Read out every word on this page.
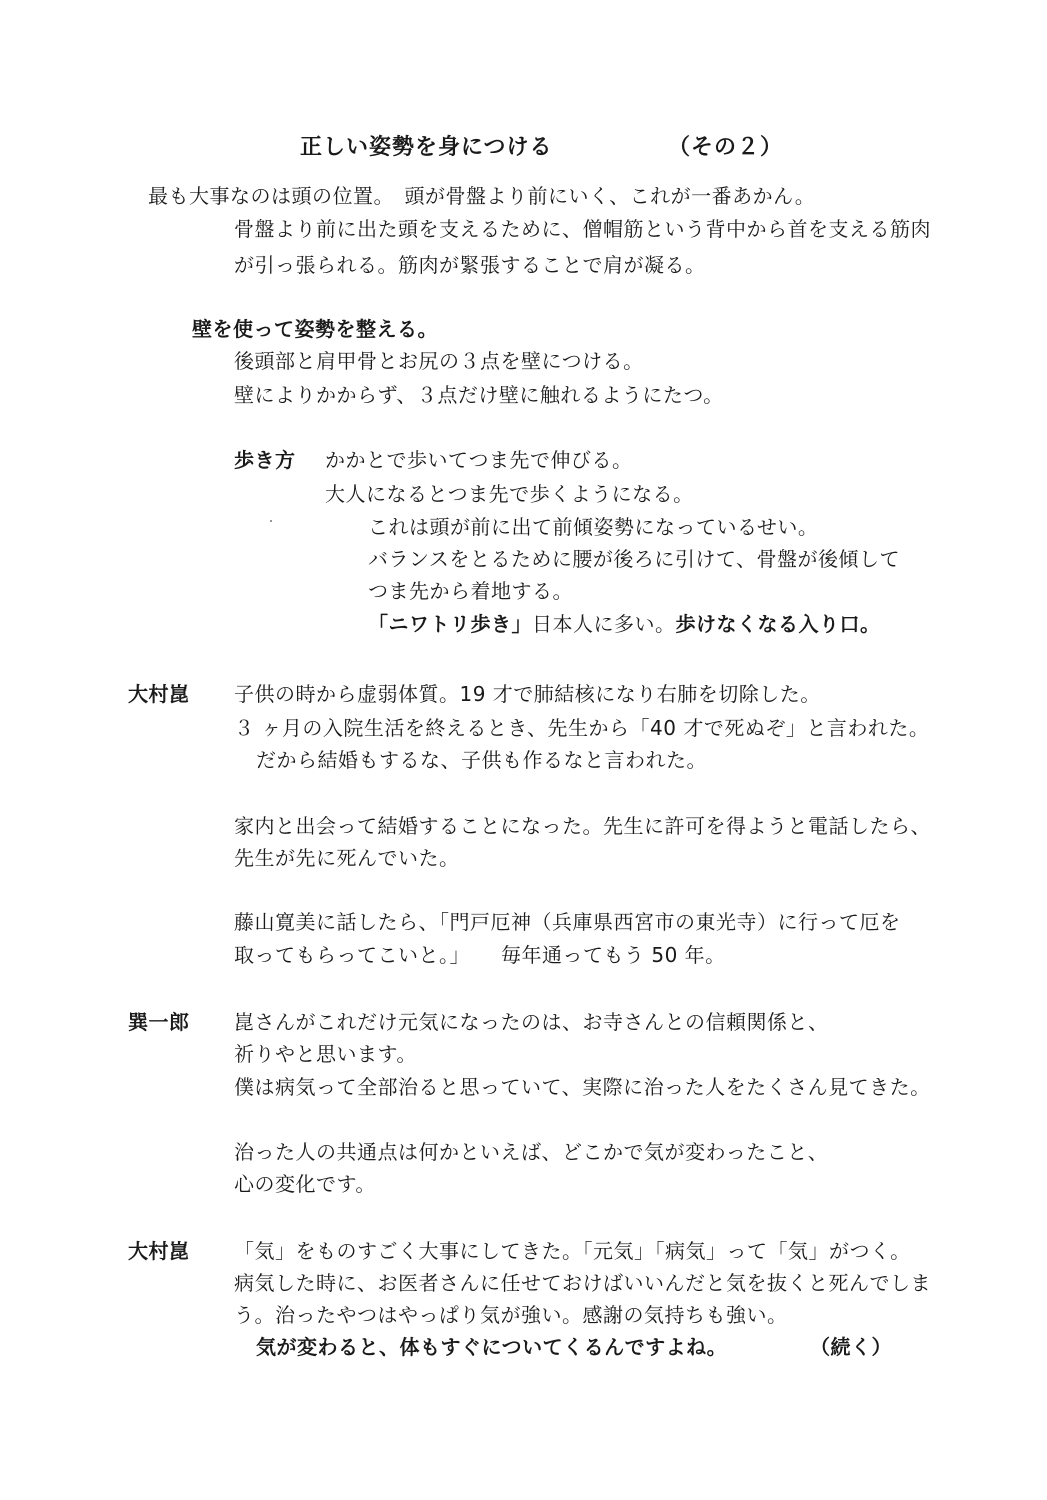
正しい姿勢を身につける	（その２）
最も大事なのは頭の位置。　頭が骨盤より前にいく、これが一番あかん。
骨盤より前に出た頭を支えるために、僧帽筋という背中から首を支える筋肉
が引っ張られる。筋肉が緊張することで肩が凝る。
壁を使って姿勢を整える。
後頭部と肩甲骨とお尻の３点を壁につける。
壁によりかからず、３点だけ壁に触れるようにたつ。
歩き方 かかとで歩いてつま先で伸びる。
大人になるとつま先で歩くようになる。
これは頭が前に出て前傾姿勢になっているせい。
バランスをとるために腰が後ろに引けて、骨盤が後傾して
つま先から着地する。
「ニワトリ歩き」日本人に多い。歩けなくなる入り口。
大村崑 子供の時から虚弱体質。19 才で肺結核になり右肺を切除した。
３ ヶ月の入院生活を終えるとき、先生から「40 才で死ぬぞ」と言われた。
だから結婚もするな、子供も作るなと言われた。
家内と出会って結婚することになった。先生に許可を得ようと電話したら、
先生が先に死んでいた。
藤山寛美に話したら、「門戸厄神（兵庫県西宮市の東光寺）に行って厄を
取ってもらってこいと。」　　毎年通ってもう 50 年。
巽一郎 崑さんがこれだけ元気になったのは、お寺さんとの信頼関係と、
祈りやと思います。
僕は病気って全部治ると思っていて、実際に治った人をたくさん見てきた。
治った人の共通点は何かといえば、どこかで気が変わったこと、
心の変化です。
大村崑 「気」をものすごく大事にしてきた。「元気」「病気」って「気」がつく。
病気した時に、お医者さんに任せておけばいいんだと気を抜くと死んでしま
う。治ったやつはやっぱり気が強い。感謝の気持ちも強い。
気が変わると、体もすぐについてくるんですよね。	（続く）
